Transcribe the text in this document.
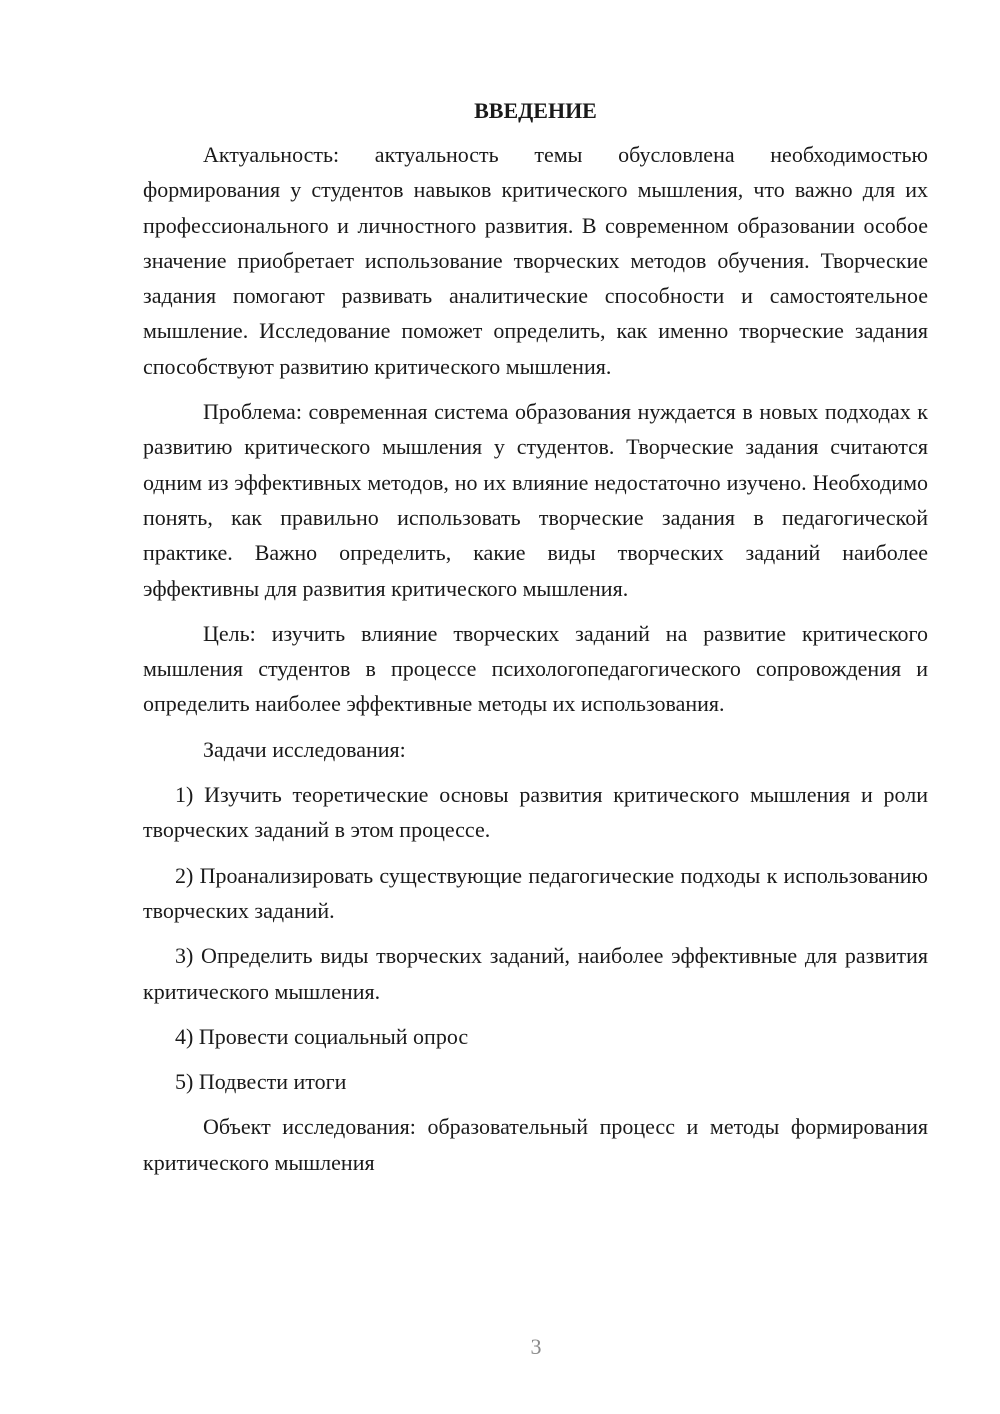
ВВЕДЕНИЕ

Актуальность: актуальность темы обусловлена необходимостью формирования у студентов навыков критического мышления, что важно для их профессионального и личностного развития. В современном образовании особое значение приобретает использование творческих методов обучения. Творческие задания помогают развивать аналитические способности и самостоятельное мышление. Исследование поможет определить, как именно творческие задания способствуют развитию критического мышления.

Проблема: современная система образования нуждается в новых подходах к развитию критического мышления у студентов. Творческие задания считаются одним из эффективных методов, но их влияние недостаточно изучено. Необходимо понять, как правильно использовать творческие задания в педагогической практике. Важно определить, какие виды творческих заданий наиболее эффективны для развития критического мышления.

Цель: изучить влияние творческих заданий на развитие критического мышления студентов в процессе психологопедагогического сопровождения и определить наиболее эффективные методы их использования.

Задачи исследования:

1) Изучить теоретические основы развития критического мышления и роли творческих заданий в этом процессе.

2) Проанализировать существующие педагогические подходы к использованию творческих заданий.

3) Определить виды творческих заданий, наиболее эффективные для развития критического мышления.

4) Провести социальный опрос

5) Подвести итоги

Объект исследования: образовательный процесс и методы формирования критического мышления

3
